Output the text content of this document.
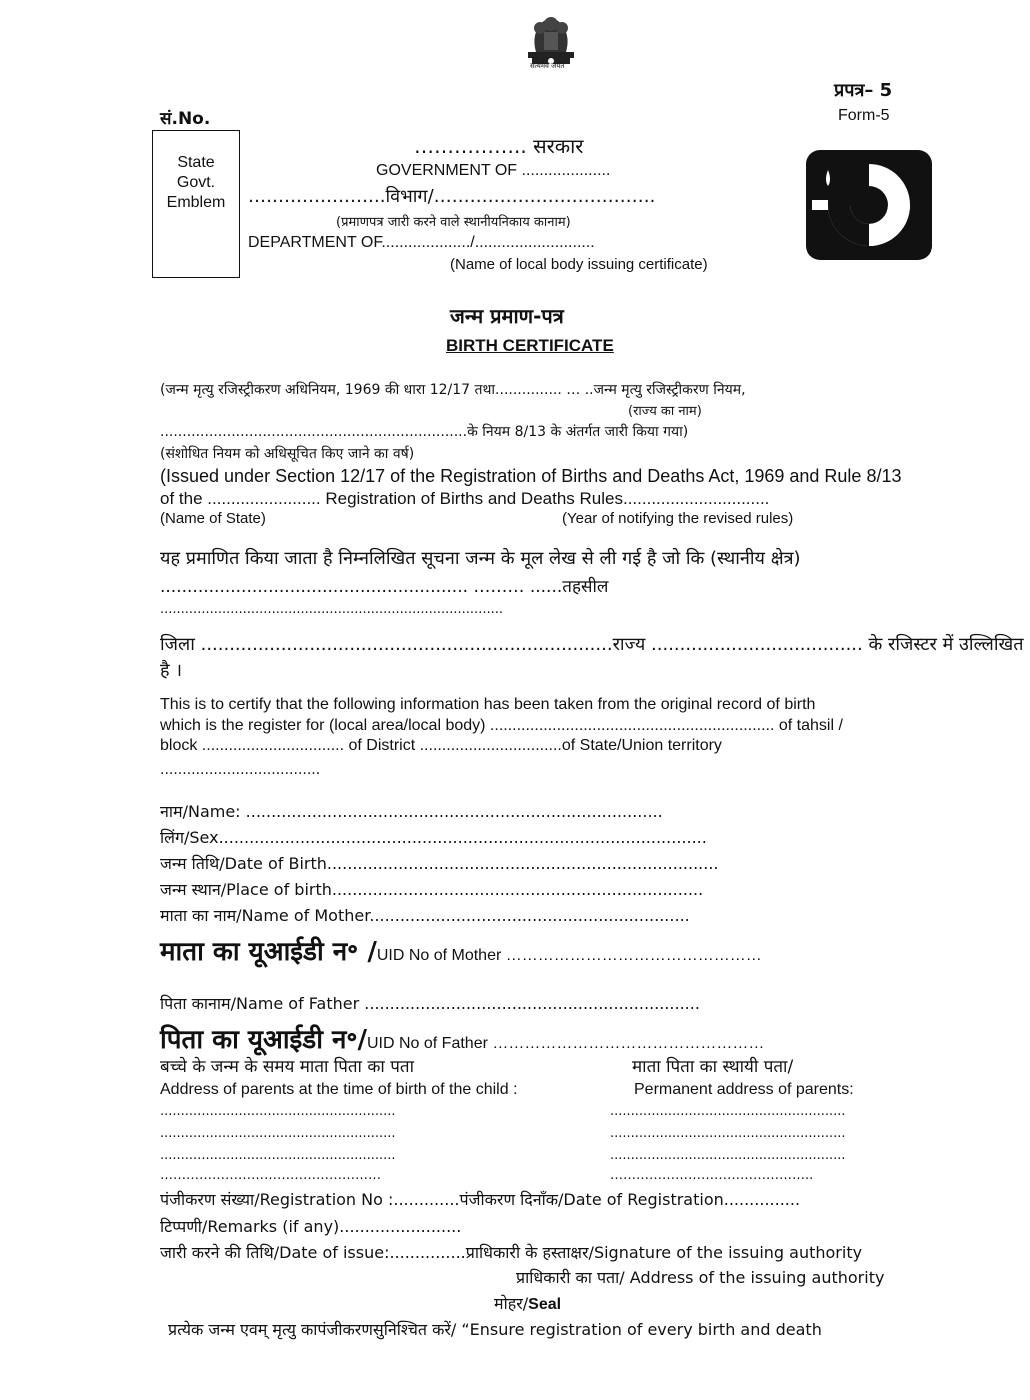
सत्यमेव जयते
प्रपत्र– 5
Form-5
सं.No.
State
Govt.
Emblem
…………….. सरकार
GOVERNMENT OF ....................
…………………..विभाग/……………………………….
(प्रमाणपत्र जारी करने वाले स्थानीयनिकाय कानाम)
DEPARTMENT OF..................../...........................
(Name of local body issuing certificate)
जन्म प्रमाण-पत्र
BIRTH CERTIFICATE
(जन्म मृत्यु रजिस्ट्रीकरण अधिनियम, 1969 की धारा 12/17 तथा............... … ..जन्म मृत्यु रजिस्ट्रीकरण नियम,
(राज्य का नाम)
.....................................................................के नियम 8/13 के अंतर्गत जारी किया गया)
(संशोधित नियम को अधिसूचित किए जाने का वर्ष)
(Issued under Section 12/17 of the Registration of Births and Deaths Act, 1969 and Rule 8/13
of the ........................ Registration of Births and Deaths Rules...............................
(Name of State)	(Year of notifying the revised rules)
यह प्रमाणित किया जाता है निम्नलिखित सूचना जन्म के मूल लेख से ली गई है जो कि (स्थानीय क्षेत्र)
......................................................... ……… ......तहसील
...................................................................................
जिला ........................................................................राज्य ..................................... के रजिस्टर में उल्लिखित
है ।
This is to certify that the following information has been taken from the original record of birth
which is the register for (local area/local body) ................................................................ of tahsil /
block ................................ of District ................................of State/Union territory
....................................
नाम/Name: ..................................................................................
लिंग/Sex................................................................................................
जन्म तिथि/Date of Birth.............................................................................
जन्म स्थान/Place of birth.........................................................................
माता का नाम/Name of Mother...............................................................
माता का यूआईडी न॰ /UID No of Mother …………………………………………
पिता कानाम/Name of Father ..................................................................
पिता का यूआईडी न॰/UID No of Father ……………………………………………
बच्चे के जन्म के समय माता पिता का पता
Address of parents at the time of birth of the child :
माता पिता का स्थायी पता/
Permanent address of parents:
.........................................................
.........................................................
.........................................................
……………………………………………
.........................................................
.........................................................
.........................................................
………………………………………..
पंजीकरण संख्या/Registration No :.............पंजीकरण दिनाँक/Date of Registration...............
टिप्पणी/Remarks (if any)........................
जारी करने की तिथि/Date of issue:...............प्राधिकारी के हस्ताक्षर/Signature of the issuing authority
प्राधिकारी का पता/ Address of the issuing authority
मोहर/Seal
प्रत्येक जन्म एवम् मृत्यु कापंजीकरणसुनिश्चित करें/ “Ensure registration of every birth and death
